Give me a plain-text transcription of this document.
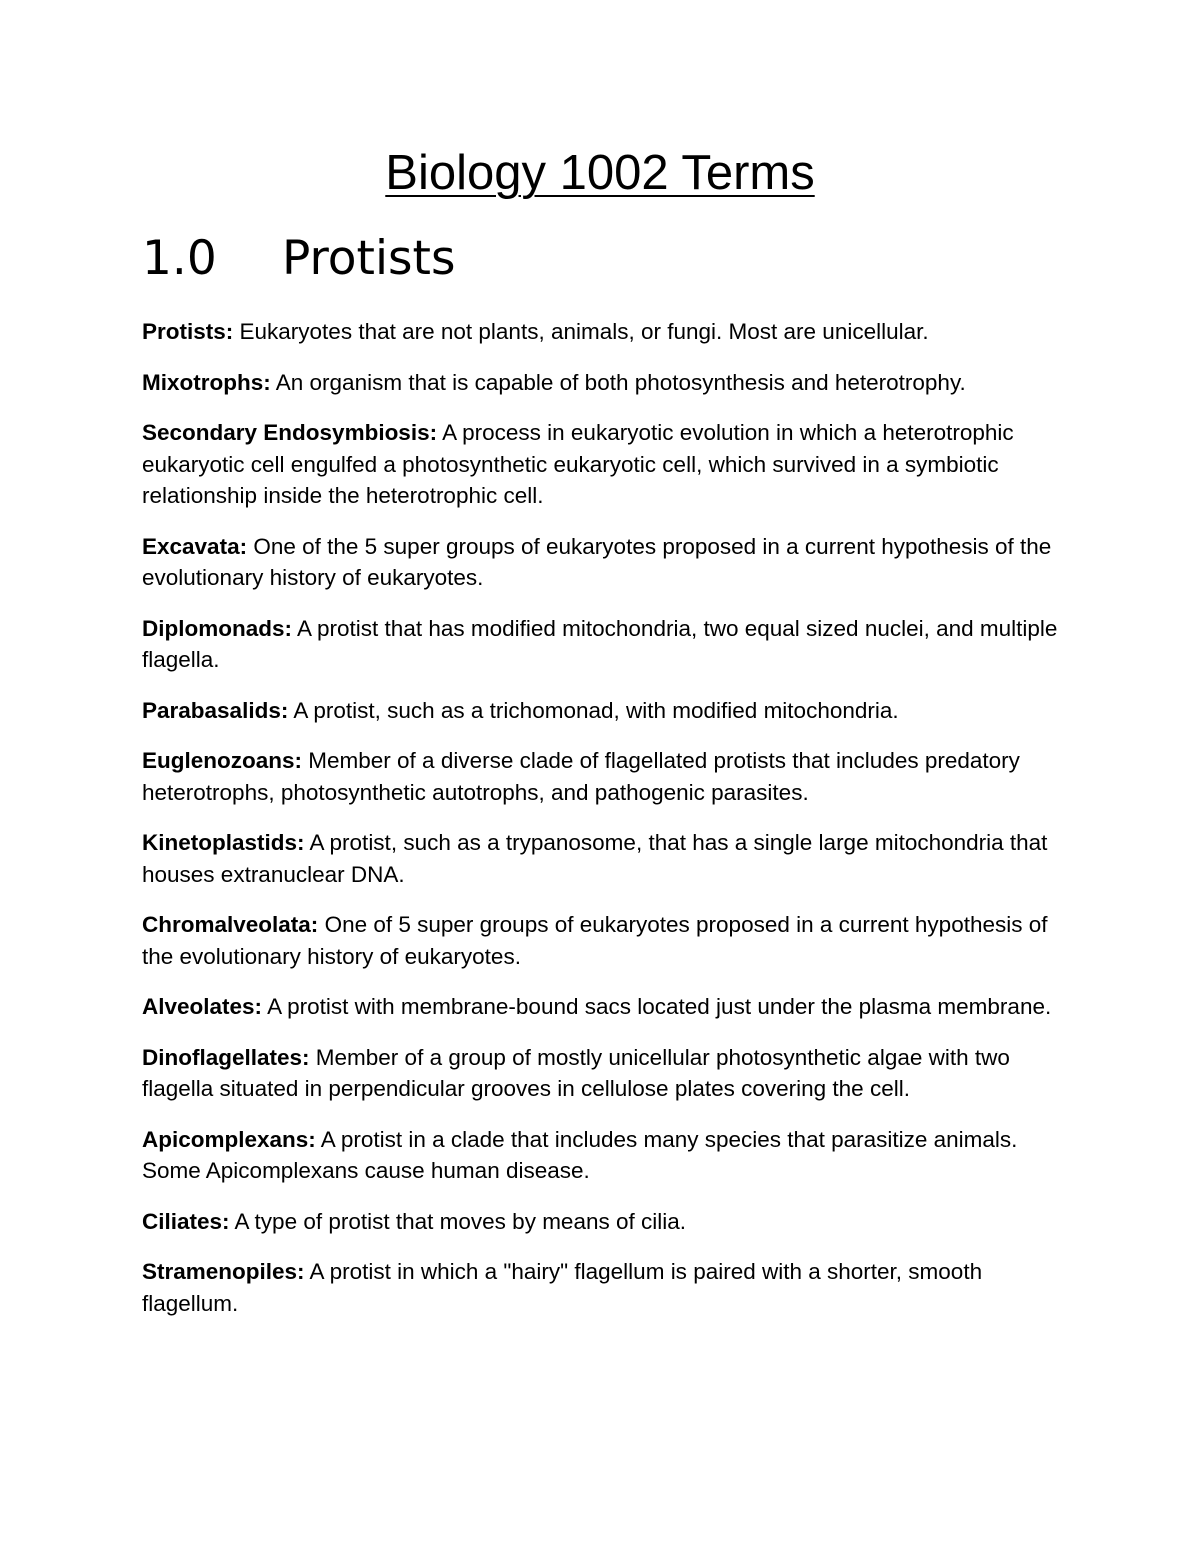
Biology 1002 Terms
1.0 Protists

Protists: Eukaryotes that are not plants, animals, or fungi. Most are unicellular.

Mixotrophs: An organism that is capable of both photosynthesis and heterotrophy.

Secondary Endosymbiosis: A process in eukaryotic evolution in which a heterotrophic eukaryotic cell engulfed a photosynthetic eukaryotic cell, which survived in a symbiotic relationship inside the heterotrophic cell.

Excavata: One of the 5 super groups of eukaryotes proposed in a current hypothesis of the evolutionary history of eukaryotes.

Diplomonads: A protist that has modified mitochondria, two equal sized nuclei, and multiple flagella.

Parabasalids: A protist, such as a trichomonad, with modified mitochondria.

Euglenozoans: Member of a diverse clade of flagellated protists that includes predatory heterotrophs, photosynthetic autotrophs, and pathogenic parasites.

Kinetoplastids: A protist, such as a trypanosome, that has a single large mitochondria that houses extranuclear DNA.

Chromalveolata: One of 5 super groups of eukaryotes proposed in a current hypothesis of the evolutionary history of eukaryotes.

Alveolates: A protist with membrane-bound sacs located just under the plasma membrane.

Dinoflagellates: Member of a group of mostly unicellular photosynthetic algae with two flagella situated in perpendicular grooves in cellulose plates covering the cell.

Apicomplexans: A protist in a clade that includes many species that parasitize animals. Some Apicomplexans cause human disease.

Ciliates: A type of protist that moves by means of cilia.

Stramenopiles: A protist in which a "hairy" flagellum is paired with a shorter, smooth flagellum.
